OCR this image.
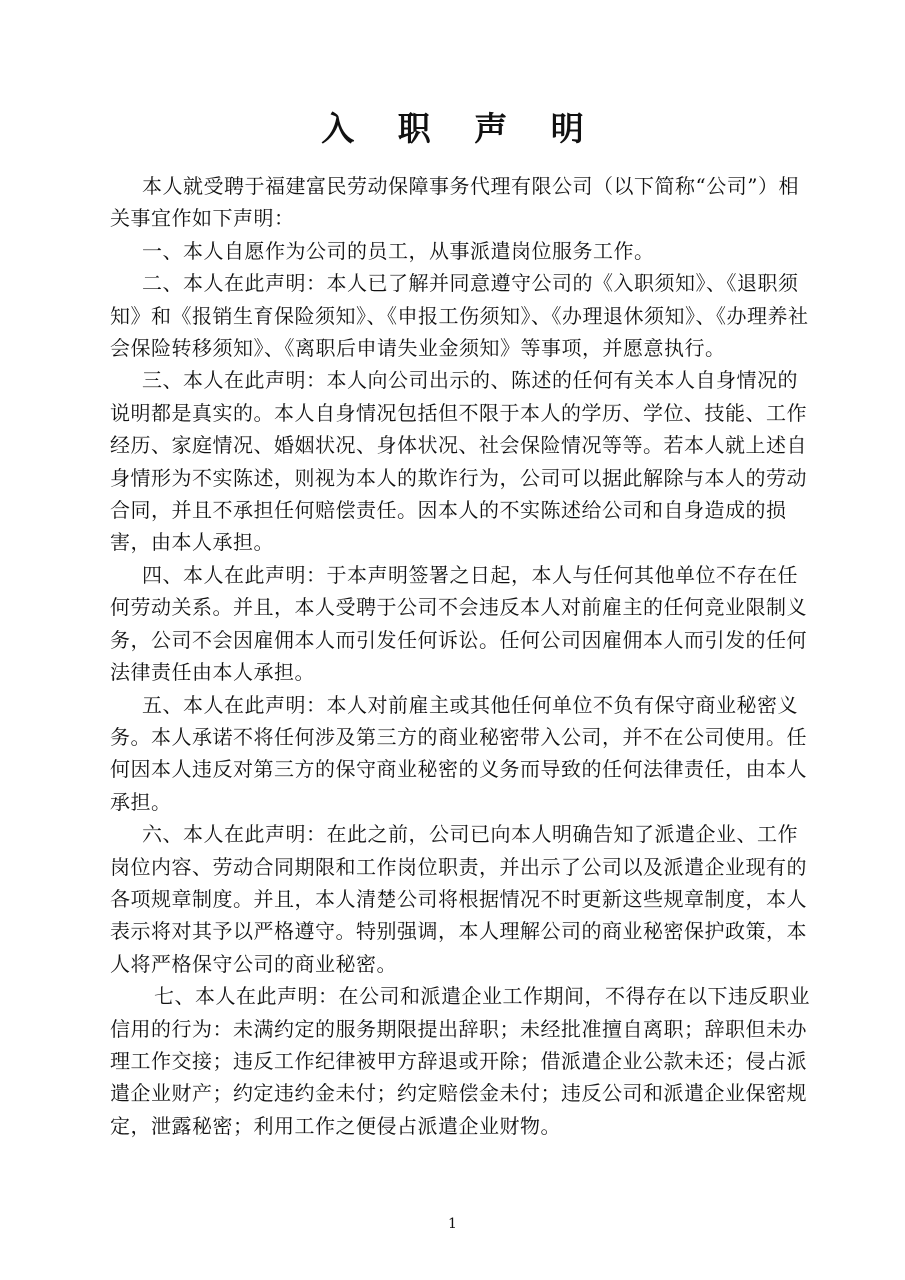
入 职 声 明

本人就受聘于福建富民劳动保障事务代理有限公司（以下简称“公司”）相关事宜作如下声明：

一、本人自愿作为公司的员工，从事派遣岗位服务工作。

二、本人在此声明：本人已了解并同意遵守公司的《入职须知》、《退职须知》和《报销生育保险须知》、《申报工伤须知》、《办理退休须知》、《办理养社会保险转移须知》、《离职后申请失业金须知》等事项，并愿意执行。

三、本人在此声明：本人向公司出示的、陈述的任何有关本人自身情况的说明都是真实的。本人自身情况包括但不限于本人的学历、学位、技能、工作经历、家庭情况、婚姻状况、身体状况、社会保险情况等等。若本人就上述自身情形为不实陈述，则视为本人的欺诈行为，公司可以据此解除与本人的劳动合同，并且不承担任何赔偿责任。因本人的不实陈述给公司和自身造成的损害，由本人承担。

四、本人在此声明：于本声明签署之日起，本人与任何其他单位不存在任何劳动关系。并且，本人受聘于公司不会违反本人对前雇主的任何竞业限制义务，公司不会因雇佣本人而引发任何诉讼。任何公司因雇佣本人而引发的任何法律责任由本人承担。

五、本人在此声明：本人对前雇主或其他任何单位不负有保守商业秘密义务。本人承诺不将任何涉及第三方的商业秘密带入公司，并不在公司使用。任何因本人违反对第三方的保守商业秘密的义务而导致的任何法律责任，由本人承担。

六、本人在此声明：在此之前，公司已向本人明确告知了派遣企业、工作岗位内容、劳动合同期限和工作岗位职责，并出示了公司以及派遣企业现有的各项规章制度。并且，本人清楚公司将根据情况不时更新这些规章制度，本人表示将对其予以严格遵守。特别强调，本人理解公司的商业秘密保护政策，本人将严格保守公司的商业秘密。

七、本人在此声明：在公司和派遣企业工作期间，不得存在以下违反职业信用的行为：未满约定的服务期限提出辞职；未经批准擅自离职；辞职但未办理工作交接；违反工作纪律被甲方辞退或开除；借派遣企业公款未还；侵占派遣企业财产；约定违约金未付；约定赔偿金未付；违反公司和派遣企业保密规定，泄露秘密；利用工作之便侵占派遣企业财物。

1
